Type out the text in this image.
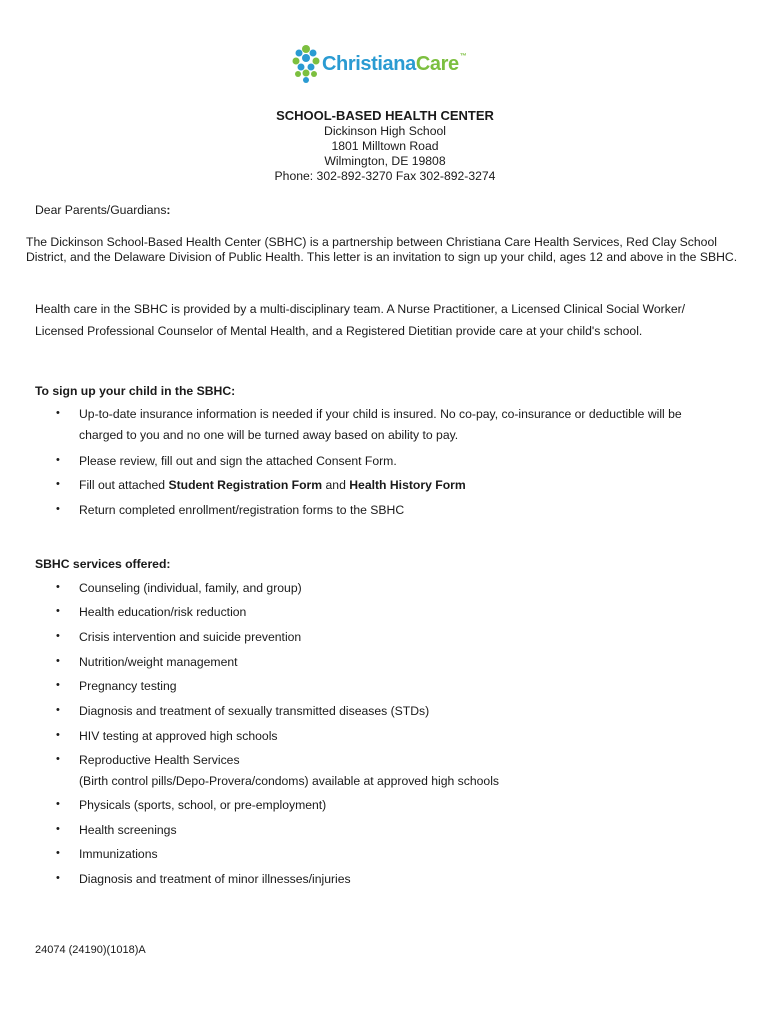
ChristianaCare™
SCHOOL-BASED HEALTH CENTER
Dickinson High School
1801 Milltown Road
Wilmington, DE 19808
Phone: 302-892-3270 Fax 302-892-3274
Dear Parents/Guardians:
The Dickinson School-Based Health Center (SBHC) is a partnership between Christiana Care Health Services, Red Clay School District, and the Delaware Division of Public Health. This letter is an invitation to sign up your child, ages 12 and above in the SBHC.
Health care in the SBHC is provided by a multi-disciplinary team. A Nurse Practitioner, a Licensed Clinical Social Worker/ Licensed Professional Counselor of Mental Health, and a Registered Dietitian provide care at your child's school.
To sign up your child in the SBHC:
• Up-to-date insurance information is needed if your child is insured. No co-pay, co-insurance or deductible will be charged to you and no one will be turned away based on ability to pay.
• Please review, fill out and sign the attached Consent Form.
• Fill out attached Student Registration Form and Health History Form
• Return completed enrollment/registration forms to the SBHC
SBHC services offered:
• Counseling (individual, family, and group)
• Health education/risk reduction
• Crisis intervention and suicide prevention
• Nutrition/weight management
• Pregnancy testing
• Diagnosis and treatment of sexually transmitted diseases (STDs)
• HIV testing at approved high schools
• Reproductive Health Services
(Birth control pills/Depo-Provera/condoms) available at approved high schools
• Physicals (sports, school, or pre-employment)
• Health screenings
• Immunizations
• Diagnosis and treatment of minor illnesses/injuries
24074 (24190)(1018)A
